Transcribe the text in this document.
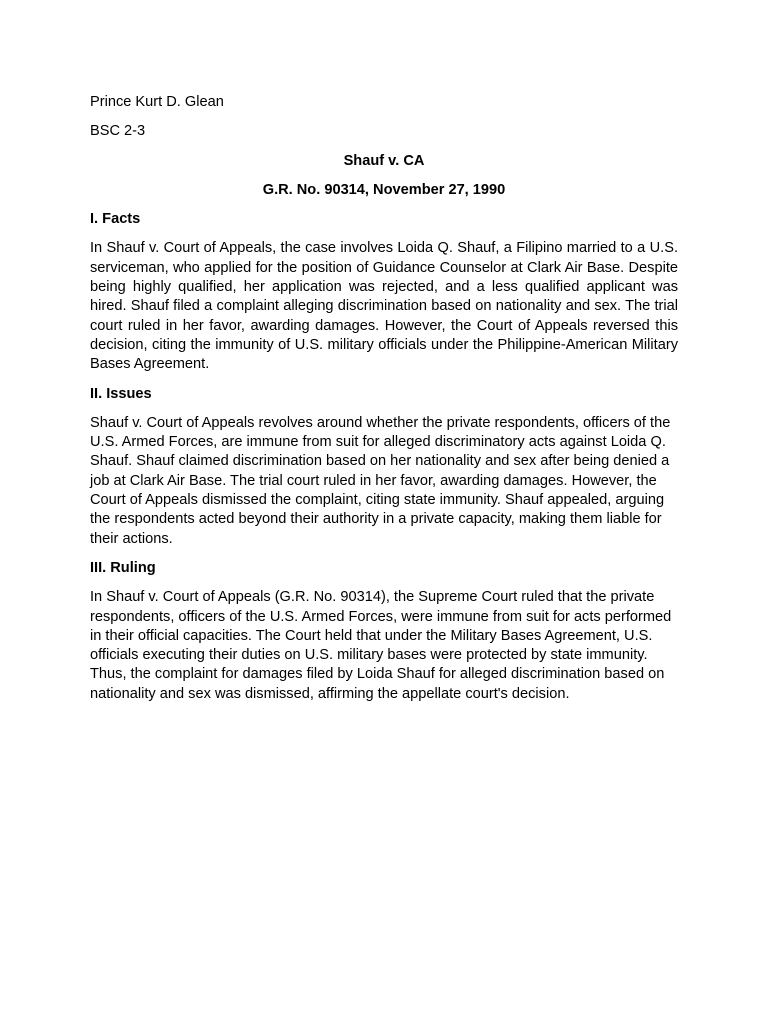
Prince Kurt D. Glean
BSC 2-3
Shauf v. CA
G.R. No. 90314, November 27, 1990
I. Facts

In Shauf v. Court of Appeals, the case involves Loida Q. Shauf, a Filipino married to a U.S. serviceman, who applied for the position of Guidance Counselor at Clark Air Base. Despite being highly qualified, her application was rejected, and a less qualified applicant was hired. Shauf filed a complaint alleging discrimination based on nationality and sex. The trial court ruled in her favor, awarding damages. However, the Court of Appeals reversed this decision, citing the immunity of U.S. military officials under the Philippine-American Military Bases Agreement.

II. Issues

Shauf v. Court of Appeals revolves around whether the private respondents, officers of the U.S. Armed Forces, are immune from suit for alleged discriminatory acts against Loida Q. Shauf. Shauf claimed discrimination based on her nationality and sex after being denied a job at Clark Air Base. The trial court ruled in her favor, awarding damages. However, the Court of Appeals dismissed the complaint, citing state immunity. Shauf appealed, arguing the respondents acted beyond their authority in a private capacity, making them liable for their actions.

III. Ruling

In Shauf v. Court of Appeals (G.R. No. 90314), the Supreme Court ruled that the private respondents, officers of the U.S. Armed Forces, were immune from suit for acts performed in their official capacities. The Court held that under the Military Bases Agreement, U.S. officials executing their duties on U.S. military bases were protected by state immunity. Thus, the complaint for damages filed by Loida Shauf for alleged discrimination based on nationality and sex was dismissed, affirming the appellate court's decision.
